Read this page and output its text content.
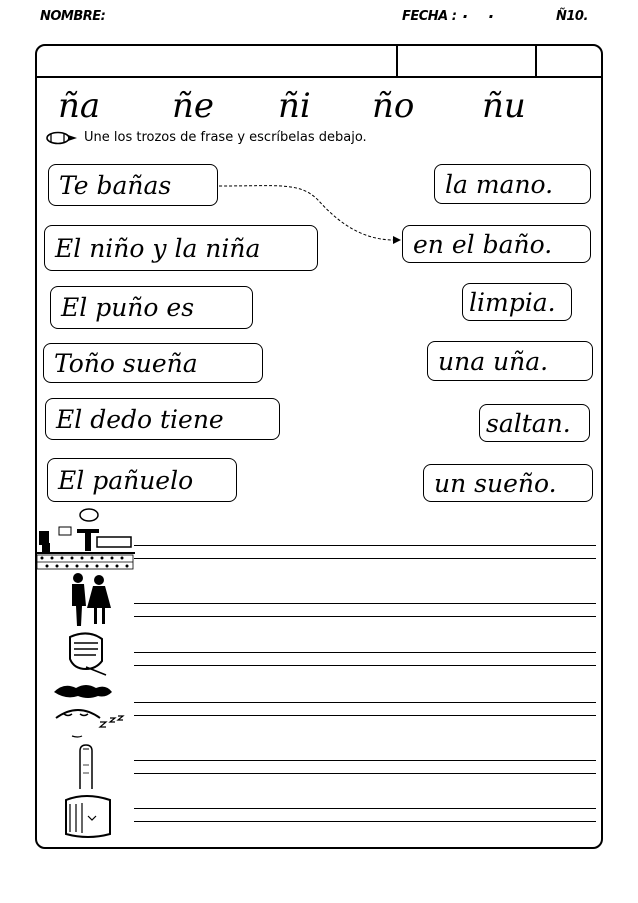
NOMBRE:	FECHA : ·    ·	Ñ10.
ña ñe ñi ño ñu
Une los trozos de frase y escríbelas debajo.
Te bañas
El niño y la niña
El puño es
Toño sueña
El dedo tiene
El pañuelo
la mano.
en el baño.
limpia.
una uña.
saltan.
un sueño.
